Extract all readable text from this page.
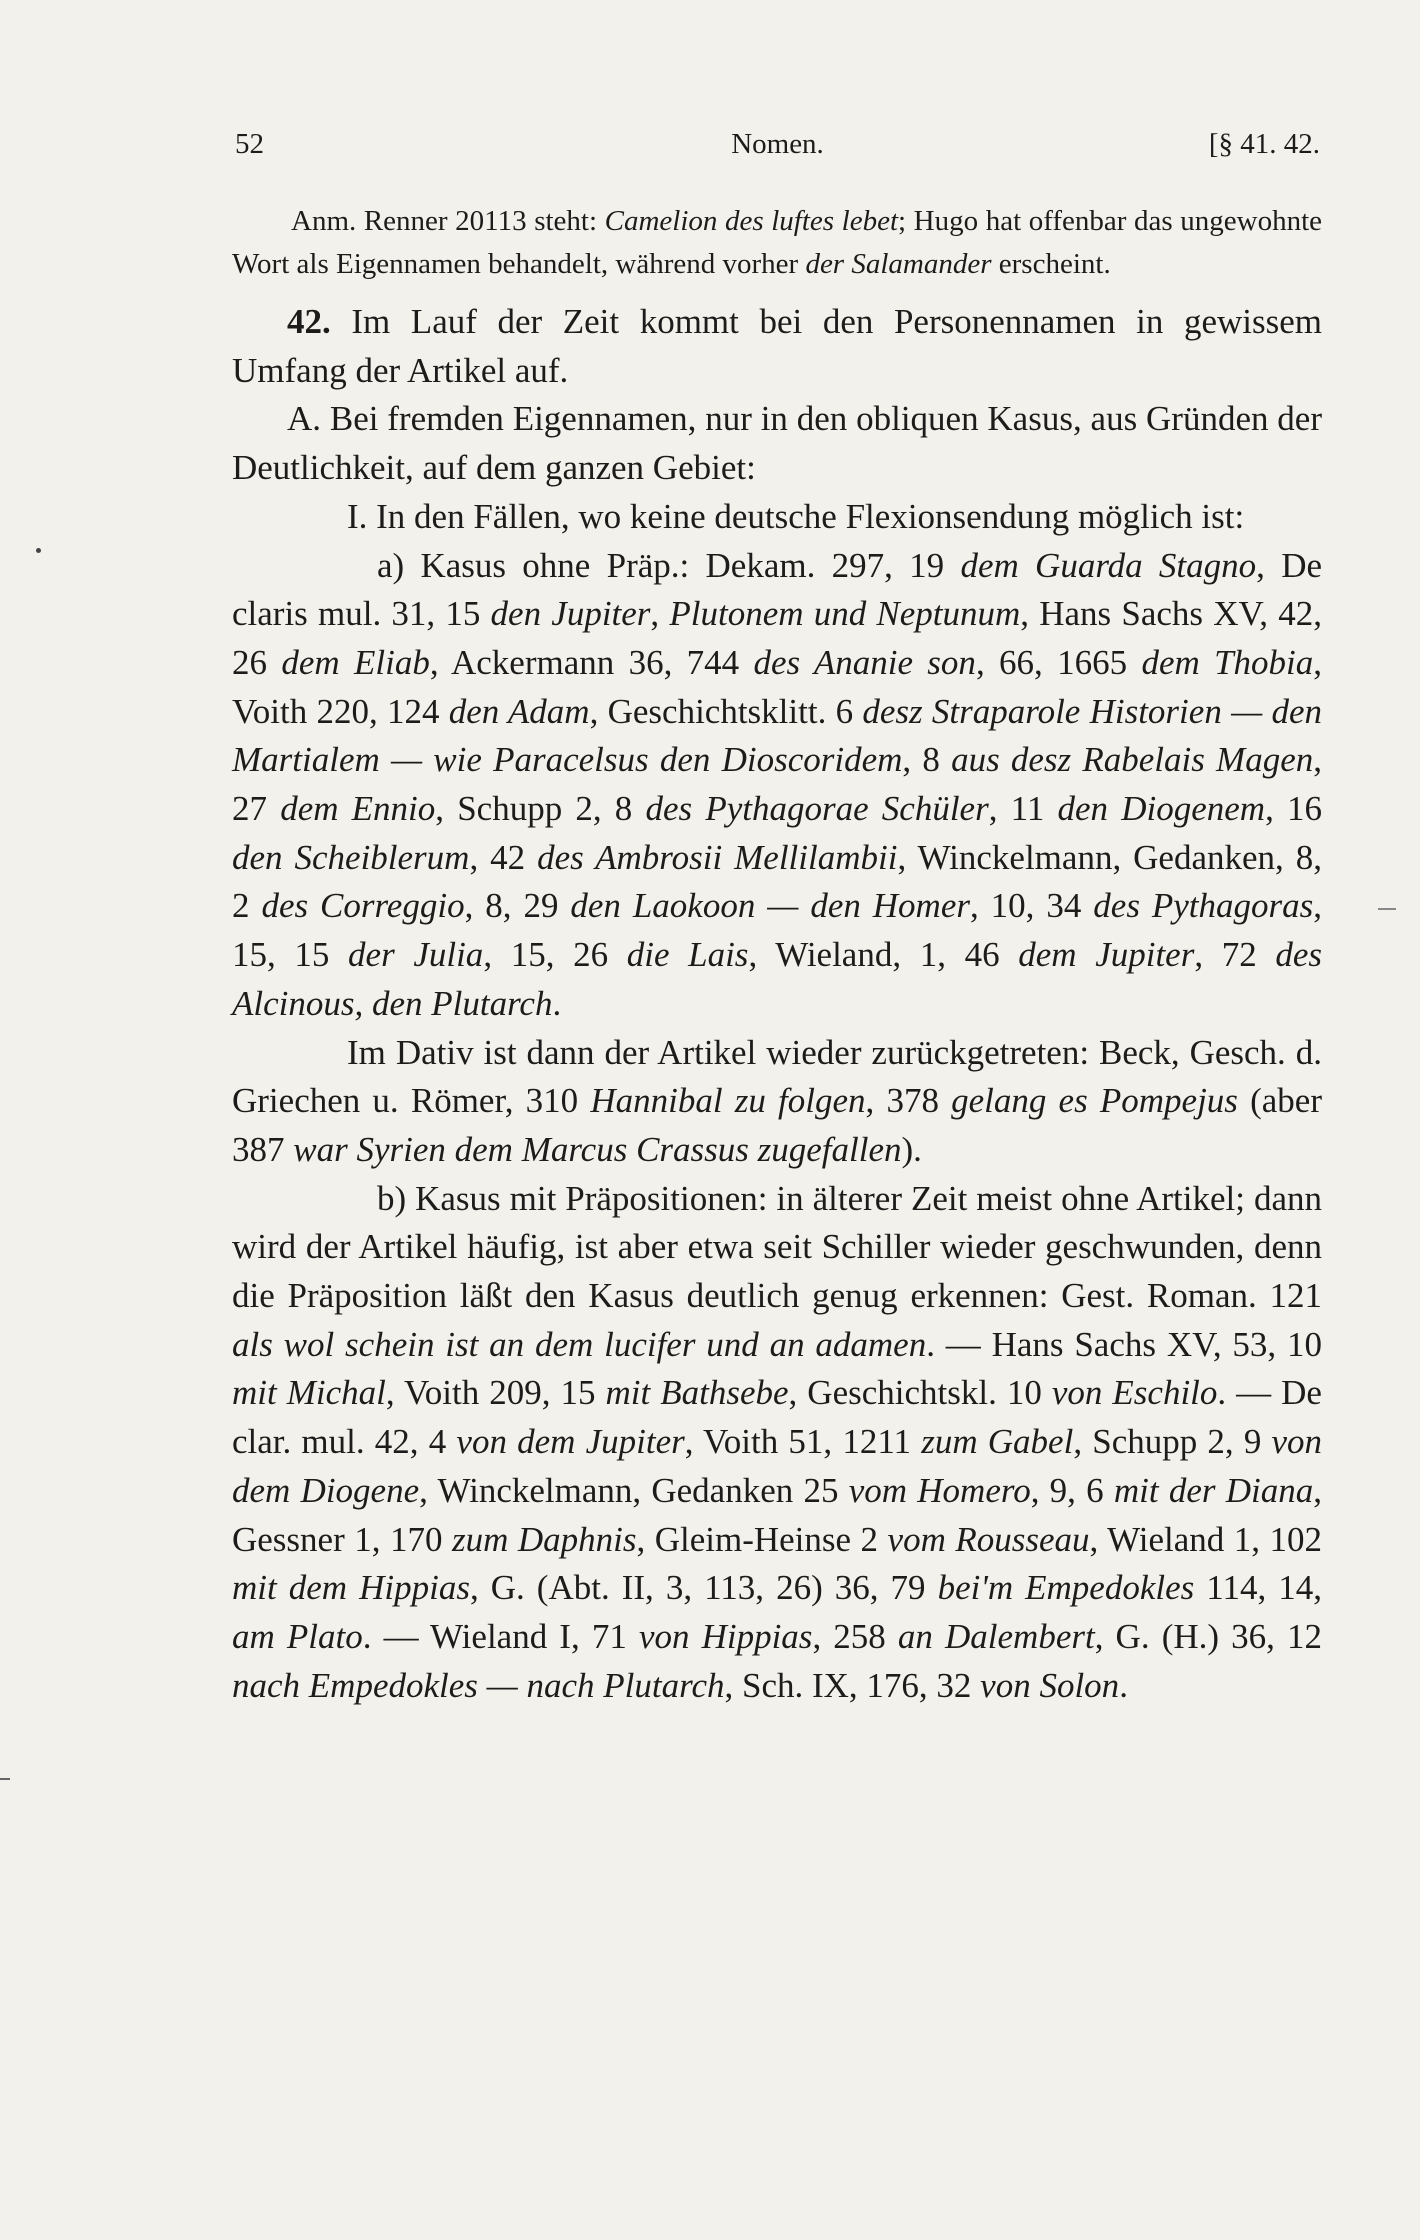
52	Nomen.	[§ 41. 42.

Anm. Renner 20113 steht: Camelion des luftes lebet; Hugo hat offenbar das ungewohnte Wort als Eigennamen behandelt, während vorher der Salamander erscheint.

42. Im Lauf der Zeit kommt bei den Personennamen in gewissem Umfang der Artikel auf.

A. Bei fremden Eigennamen, nur in den obliquen Kasus, aus Gründen der Deutlichkeit, auf dem ganzen Gebiet:

I. In den Fällen, wo keine deutsche Flexionsendung möglich ist:

a) Kasus ohne Präp.: Dekam. 297, 19 dem Guarda Stagno, De claris mul. 31, 15 den Jupiter, Plutonem und Neptunum, Hans Sachs XV, 42, 26 dem Eliab, Ackermann 36, 744 des Ananie son, 66, 1665 dem Thobia, Voith 220, 124 den Adam, Geschichtsklitt. 6 desz Straparole Historien — den Martialem — wie Paracelsus den Dioscoridem, 8 aus desz Rabelais Magen, 27 dem Ennio, Schupp 2, 8 des Pythagorae Schüler, 11 den Diogenem, 16 den Scheiblerum, 42 des Ambrosii Mellilambii, Winckelmann, Gedanken, 8, 2 des Correggio, 8, 29 den Laokoon — den Homer, 10, 34 des Pythagoras, 15, 15 der Julia, 15, 26 die Lais, Wieland, 1, 46 dem Jupiter, 72 des Alcinous, den Plutarch.

Im Dativ ist dann der Artikel wieder zurückgetreten: Beck, Gesch. d. Griechen u. Römer, 310 Hannibal zu folgen, 378 gelang es Pompejus (aber 387 war Syrien dem Marcus Crassus zugefallen).

b) Kasus mit Präpositionen: in älterer Zeit meist ohne Artikel; dann wird der Artikel häufig, ist aber etwa seit Schiller wieder geschwunden, denn die Präposition läßt den Kasus deutlich genug erkennen: Gest. Roman. 121 als wol schein ist an dem lucifer und an adamen. — Hans Sachs XV, 53, 10 mit Michal, Voith 209, 15 mit Bathsebe, Geschichtskl. 10 von Eschilo. — De clar. mul. 42, 4 von dem Jupiter, Voith 51, 1211 zum Gabel, Schupp 2, 9 von dem Diogene, Winckelmann, Gedanken 25 vom Homero, 9, 6 mit der Diana, Gessner 1, 170 zum Daphnis, Gleim-Heinse 2 vom Rousseau, Wieland 1, 102 mit dem Hippias, G. (Abt. II, 3, 113, 26) 36, 79 bei'm Empedokles 114, 14, am Plato. — Wieland I, 71 von Hippias, 258 an Dalembert, G. (H.) 36, 12 nach Empedokles — nach Plutarch, Sch. IX, 176, 32 von Solon.
